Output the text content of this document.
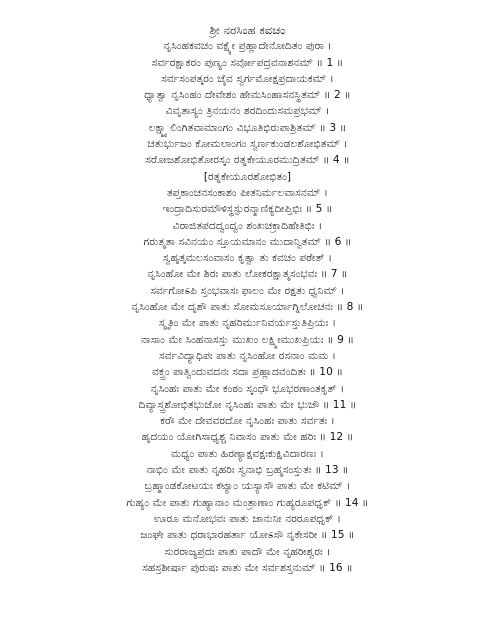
ಶ್ರೀ ನರಸಿಂಹ ಕವಚಂ
ನೃಸಿಂಹಕವಚಂ ವಕ್ಷ್ಯೇ ಪ್ರಹ್ಲಾದೇನೋದಿತಂ ಪುರಾ ।
ಸರ್ವರಕ್ಷಾಕರಂ ಪುಣ್ಯಂ ಸರ್ವೋಪದ್ರವನಾಶನಮ್ ॥ 1 ॥
ಸರ್ವಸಂಪತ್ಕರಂ ಚೈವ ಸ್ವರ್ಗಮೋಕ್ಷಪ್ರದಾಯಕಮ್ ।
ಧ್ಯಾತ್ವಾ ನೃಸಿಂಹಂ ದೇವೇಶಂ ಹೇಮಸಿಂಹಾಸನಸ್ಥಿತಮ್ ॥ 2 ॥
ವಿವೃತಾಸ್ಯಂ ತ್ರಿನಯನಂ ಶರದಿಂದುಸಮಪ್ರಭಮ್ ।
ಲಕ್ಷ್ಮ್ಯಾಲಿಂಗಿತವಾಮಾಂಗಂ ವಿಭೂತಿಭಿರುಪಾಶ್ರಿತಮ್ ॥ 3 ॥
ಚತುರ್ಭುಜಂ ಕೋಮಲಾಂಗಂ ಸ್ವರ್ಣಕುಂಡಲಶೋಭಿತಮ್ ।
ಸರೋಜಶೋಭಿತೋರಸ್ಕಂ ರತ್ನಕೇಯೂರಮುದ್ರಿತಮ್ ॥ 4 ॥
[ರತ್ನಕೇಯೂರಶೋಭಿತಂ]
ತಪ್ತಕಾಂಚನಸಂಕಾಶಂ ಪೀತನಿರ್ಮಲವಾಸನಮ್ ।
ಇಂದ್ರಾದಿಸುರಮೌಳಿಸ್ಥಸ್ಫುರನ್ಮಾಣಿಕ್ಯದೀಪ್ತಿಭಿಃ ॥ 5 ॥
ವಿರಾಜಿತಪದದ್ವಂದ್ವಂ ಶಂಖಚಕ್ರಾದಿಹೇತಿಭಿಃ ।
ಗರುತ್ಮತಾ ಸವಿನಯಂ ಸ್ತೂಯಮಾನಂ ಮುದಾನ್ವಿತಮ್ ॥ 6 ॥
ಸ್ವಹೃತ್ಕಮಲಸಂವಾಸಂ ಕೃತ್ವಾ ತು ಕವಚಂ ಪಠೇತ್ ।
ನೃಸಿಂಹೋ ಮೇ ಶಿರಃ ಪಾತು ಲೋಕರಕ್ಷಾತ್ಮಸಂಭವಃ ॥ 7 ॥
ಸರ್ವಗೋಽಪಿ ಸ್ತಂಭವಾಸಃ ಫಾಲಂ ಮೇ ರಕ್ಷತು ಧ್ವನಿಮ್ ।
ನೃಸಿಂಹೋ ಮೇ ದೃಶೌ ಪಾತು ಸೋಮಸೂರ್ಯಾಗ್ನಿಲೋಚನಃ ॥ 8 ॥
ಸ್ಮೃತಿಂ ಮೇ ಪಾತು ನೃಹರಿರ್ಮುನಿವರ್ಯಸ್ತುತಿಪ್ರಿಯಃ ।
ನಾಸಾಂ ಮೇ ಸಿಂಹನಾಸಸ್ತು ಮುಖಂ ಲಕ್ಷ್ಮೀಮುಖಪ್ರಿಯಃ ॥ 9 ॥
ಸರ್ವವಿದ್ಯಾಧಿಪಃ ಪಾತು ನೃಸಿಂಹೋ ರಸನಾಂ ಮಮ ।
ವಕ್ತ್ರಂ ಪಾತ್ವಿಂದುವದನಃ ಸದಾ ಪ್ರಹ್ಲಾದವಂದಿತಃ ॥ 10 ॥
ನೃಸಿಂಹಃ ಪಾತು ಮೇ ಕಂಠಂ ಸ್ಕಂಧೌ ಭೂಭರಣಾಂತಕೃತ್ ।
ದಿವ್ಯಾಸ್ತ್ರಶೋಭಿತಭುಜೋ ನೃಸಿಂಹಃ ಪಾತು ಮೇ ಭುಜೌ ॥ 11 ॥
ಕರೌ ಮೇ ದೇವವರದೋ ನೃಸಿಂಹಃ ಪಾತು ಸರ್ವತಃ ।
ಹೃದಯಂ ಯೋಗಿಸಾಧ್ಯಶ್ಚ ನಿವಾಸಂ ಪಾತು ಮೇ ಹರಿಃ ॥ 12 ॥
ಮಧ್ಯಂ ಪಾತು ಹಿರಣ್ಯಾಕ್ಷವಕ್ಷಃಕುಕ್ಷಿವಿದಾರಣಃ ।
ನಾಭಿಂ ಮೇ ಪಾತು ನೃಹರಿಃ ಸ್ವನಾಭಿ ಬ್ರಹ್ಮಸಂಸ್ತುತಃ ॥ 13 ॥
ಬ್ರಹ್ಮಾಂಡಕೋಟಯಃ ಕಟ್ಯಾಂ ಯಸ್ಯಾಸೌ ಪಾತು ಮೇ ಕಟಿಮ್ ।
ಗುಹ್ಯಂ ಮೇ ಪಾತು ಗುಹ್ಯಾನಾಂ ಮಂತ್ರಾಣಾಂ ಗುಹ್ಯರೂಪಧೃಕ್ ॥ 14 ॥
ಊರೂ ಮನೋಭವಃ ಪಾತು ಜಾನುನೀ ನರರೂಪಧೃಕ್ ।
ಜಂಘೇ ಪಾತು ಧರಾಭಾರಹರ್ತಾ ಯೋಽಸೌ ನೃಕೇಸರೀ ॥ 15 ॥
ಸುರರಾಜ್ಯಪ್ರದಃ ಪಾತು ಪಾದೌ ಮೇ ನೃಹರೀಶ್ವರಃ ।
ಸಹಸ್ರಶೀರ್ಷಾ ಪುರುಷಃ ಪಾತು ಮೇ ಸರ್ವಶಸ್ತನುಮ್ ॥ 16 ॥
